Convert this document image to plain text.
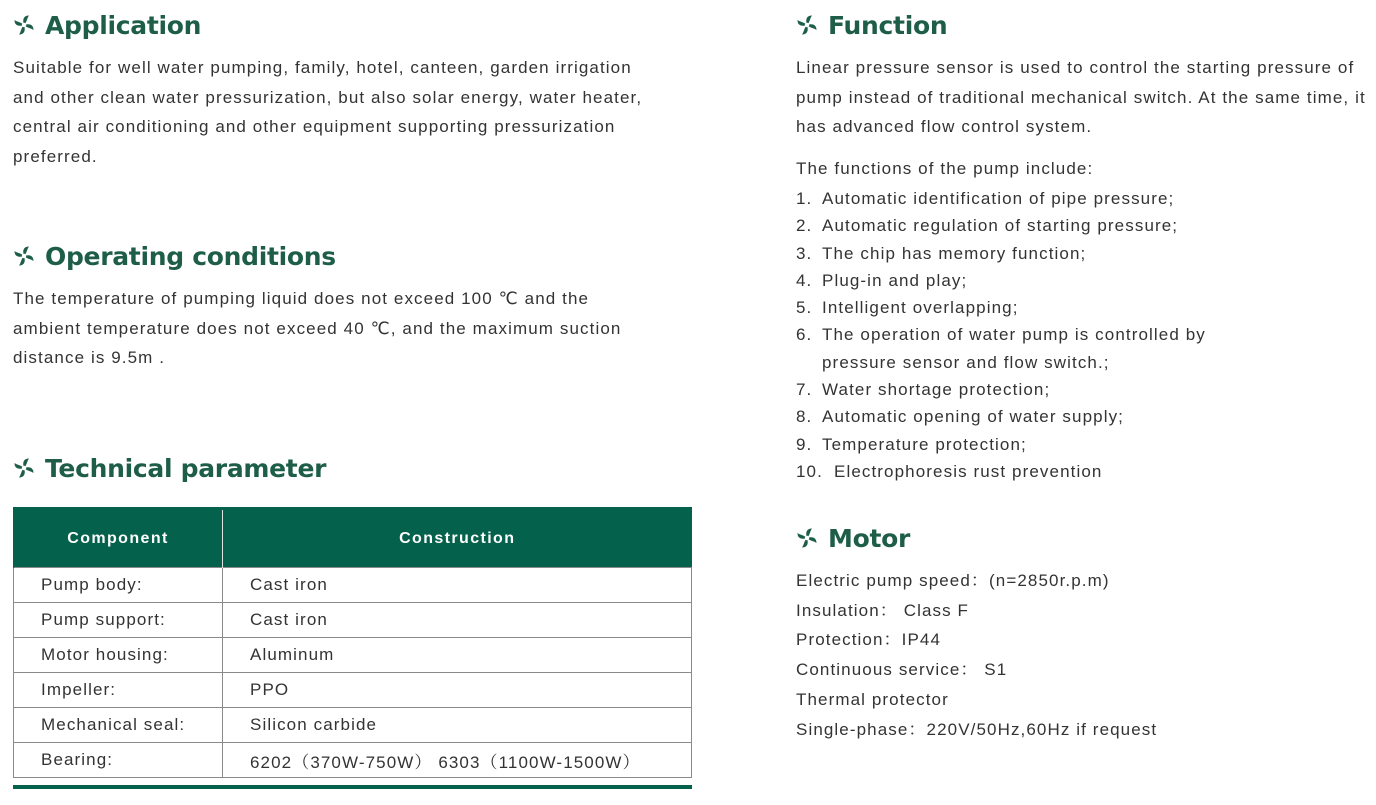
Application

Suitable for well water pumping, family, hotel, canteen, garden irrigation and other clean water pressurization, but also solar energy, water heater, central air conditioning and other equipment supporting pressurization preferred.

Operating conditions

The temperature of pumping liquid does not exceed 100 ℃ and the ambient temperature does not exceed 40 ℃, and the maximum suction distance is 9.5m .

Technical parameter
Component	Construction
Pump body:	Cast iron
Pump support:	Cast iron
Motor housing:	Aluminum
Impeller:	PPO
Mechanical seal:	Silicon carbide
Bearing:	6202（370W-750W） 6303（1100W-1500W）
Function

Linear pressure sensor is used to control the starting pressure of pump instead of traditional mechanical switch. At the same time, it has advanced flow control system.

The functions of the pump include:

1. Automatic identification of pipe pressure;
2. Automatic regulation of starting pressure;
3. The chip has memory function;
4. Plug-in and play;
5. Intelligent overlapping;
6. The operation of water pump is controlled by pressure sensor and flow switch.;
7. Water shortage protection;
8. Automatic opening of water supply;
9. Temperature protection;
10. Electrophoresis rust prevention
Motor
Electric pump speed：(n=2850r.p.m)
Insulation： Class F
Protection：IP44
Continuous service： S1
Thermal protector
Single-phase：220V/50Hz,60Hz if request
